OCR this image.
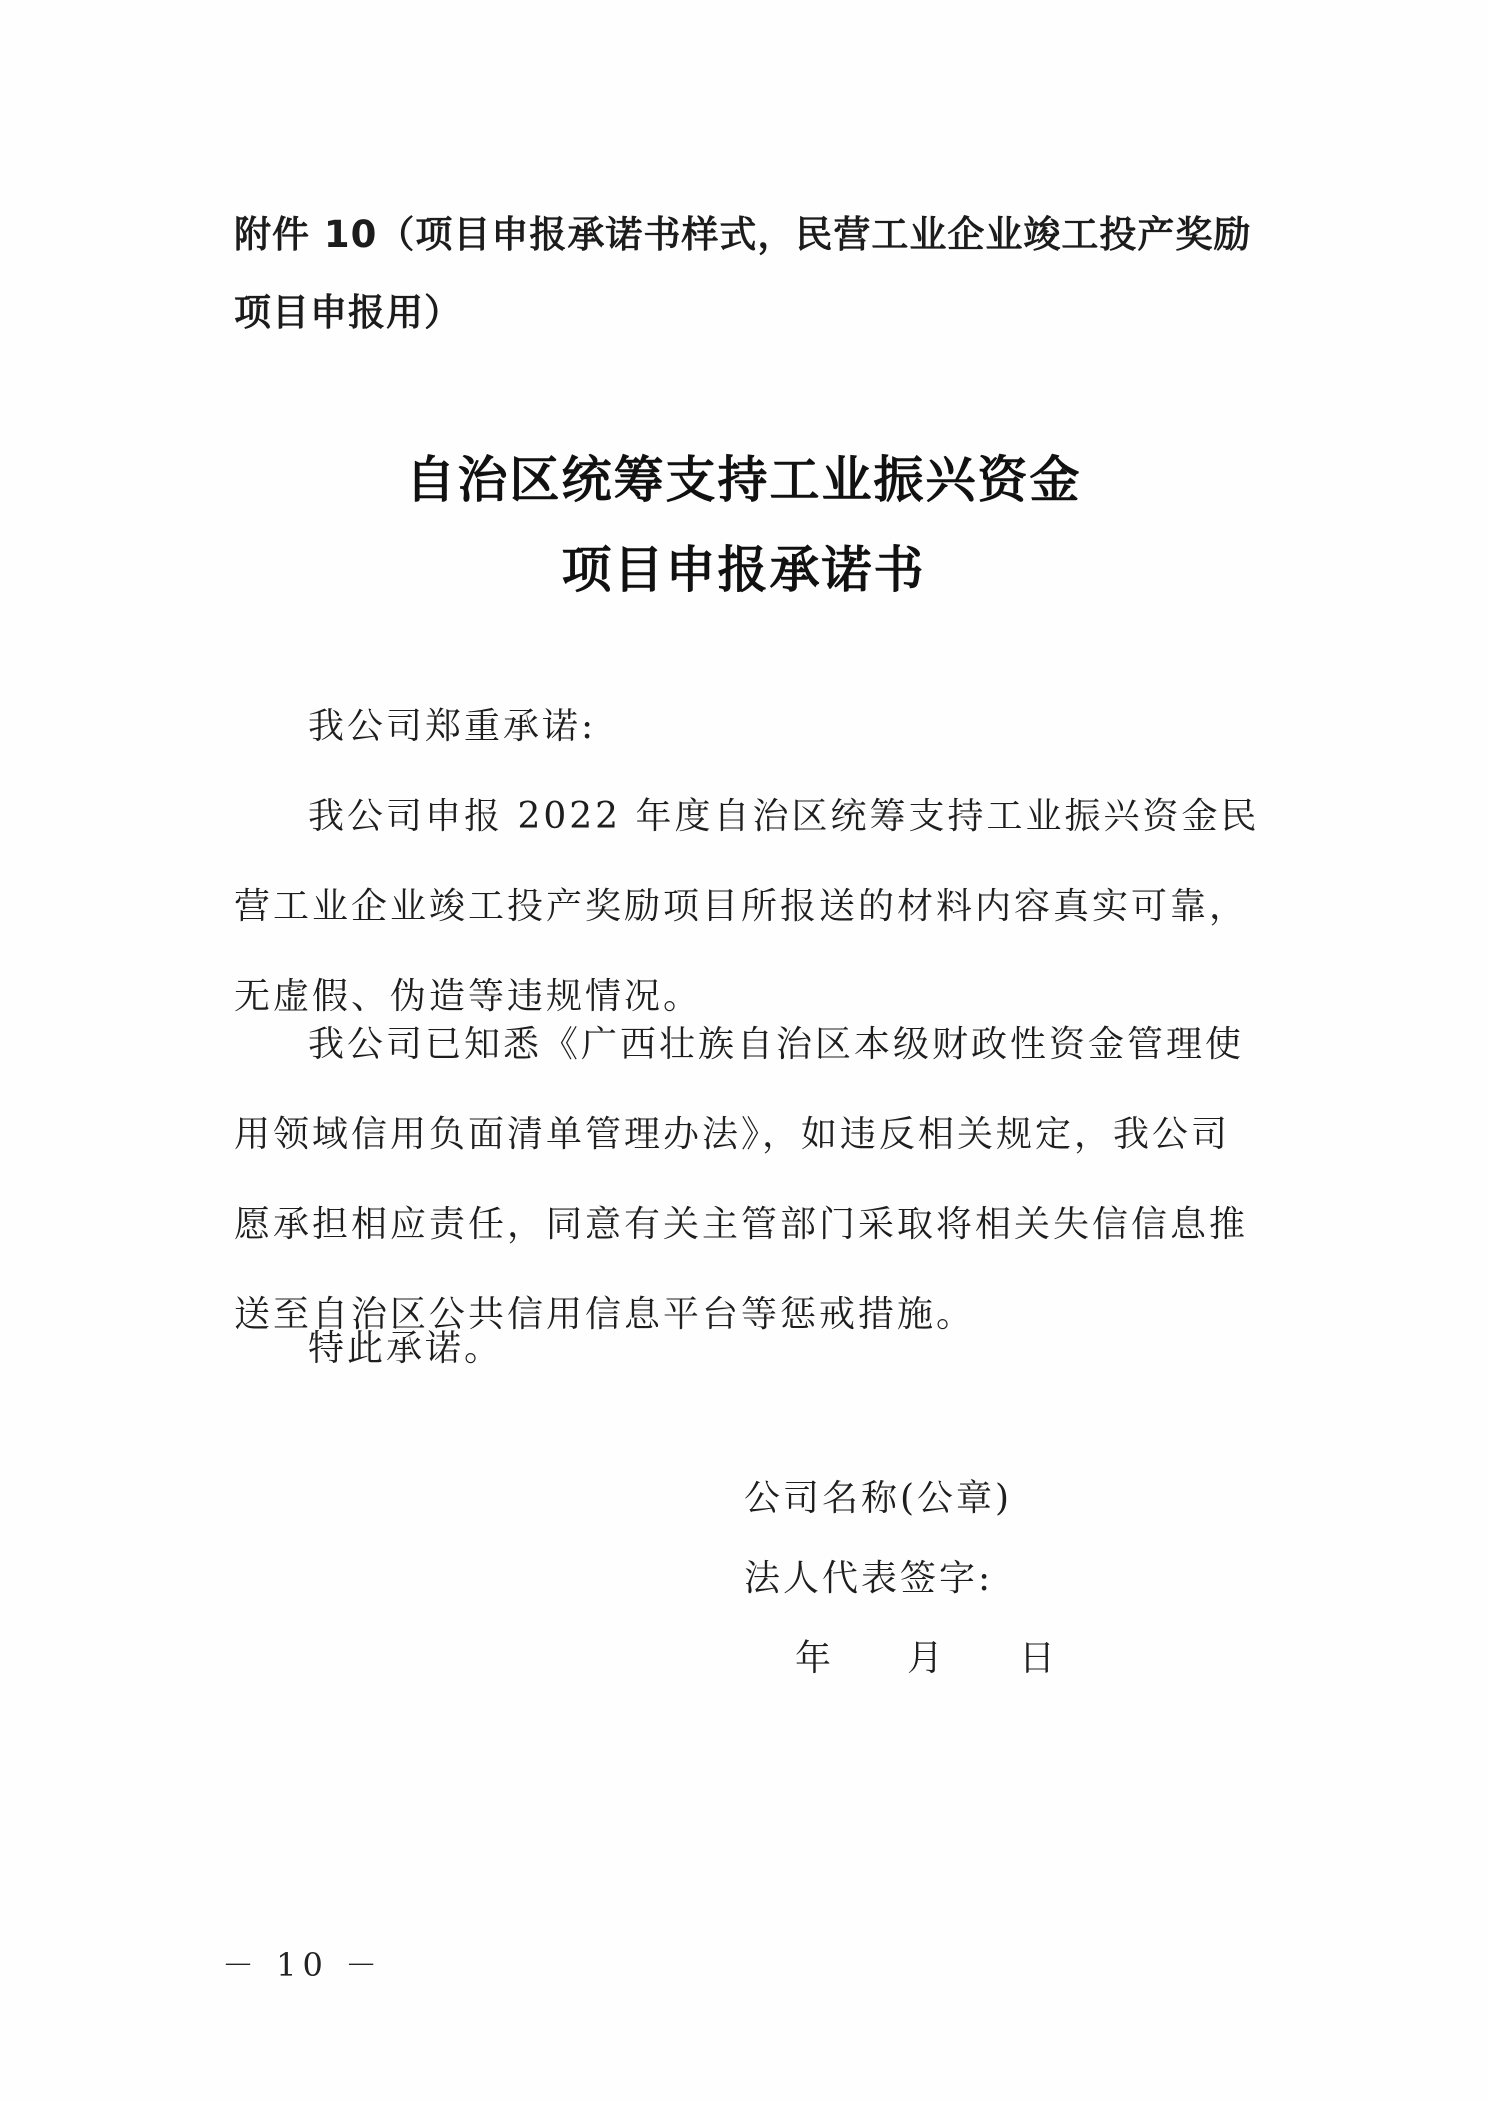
附件 10（项目申报承诺书样式，民营工业企业竣工投产奖励
项目申报用）
自治区统筹支持工业振兴资金
项目申报承诺书
我公司郑重承诺:
我公司申报 2022 年度自治区统筹支持工业振兴资金民
营工业企业竣工投产奖励项目所报送的材料内容真实可靠，
无虚假、伪造等违规情况。
我公司已知悉《广西壮族自治区本级财政性资金管理使
用领域信用负面清单管理办法》，如违反相关规定，我公司
愿承担相应责任，同意有关主管部门采取将相关失信信息推
送至自治区公共信用信息平台等惩戒措施。
特此承诺。
公司名称(公章)
法人代表签字:
年 月 日
－ 10 －
